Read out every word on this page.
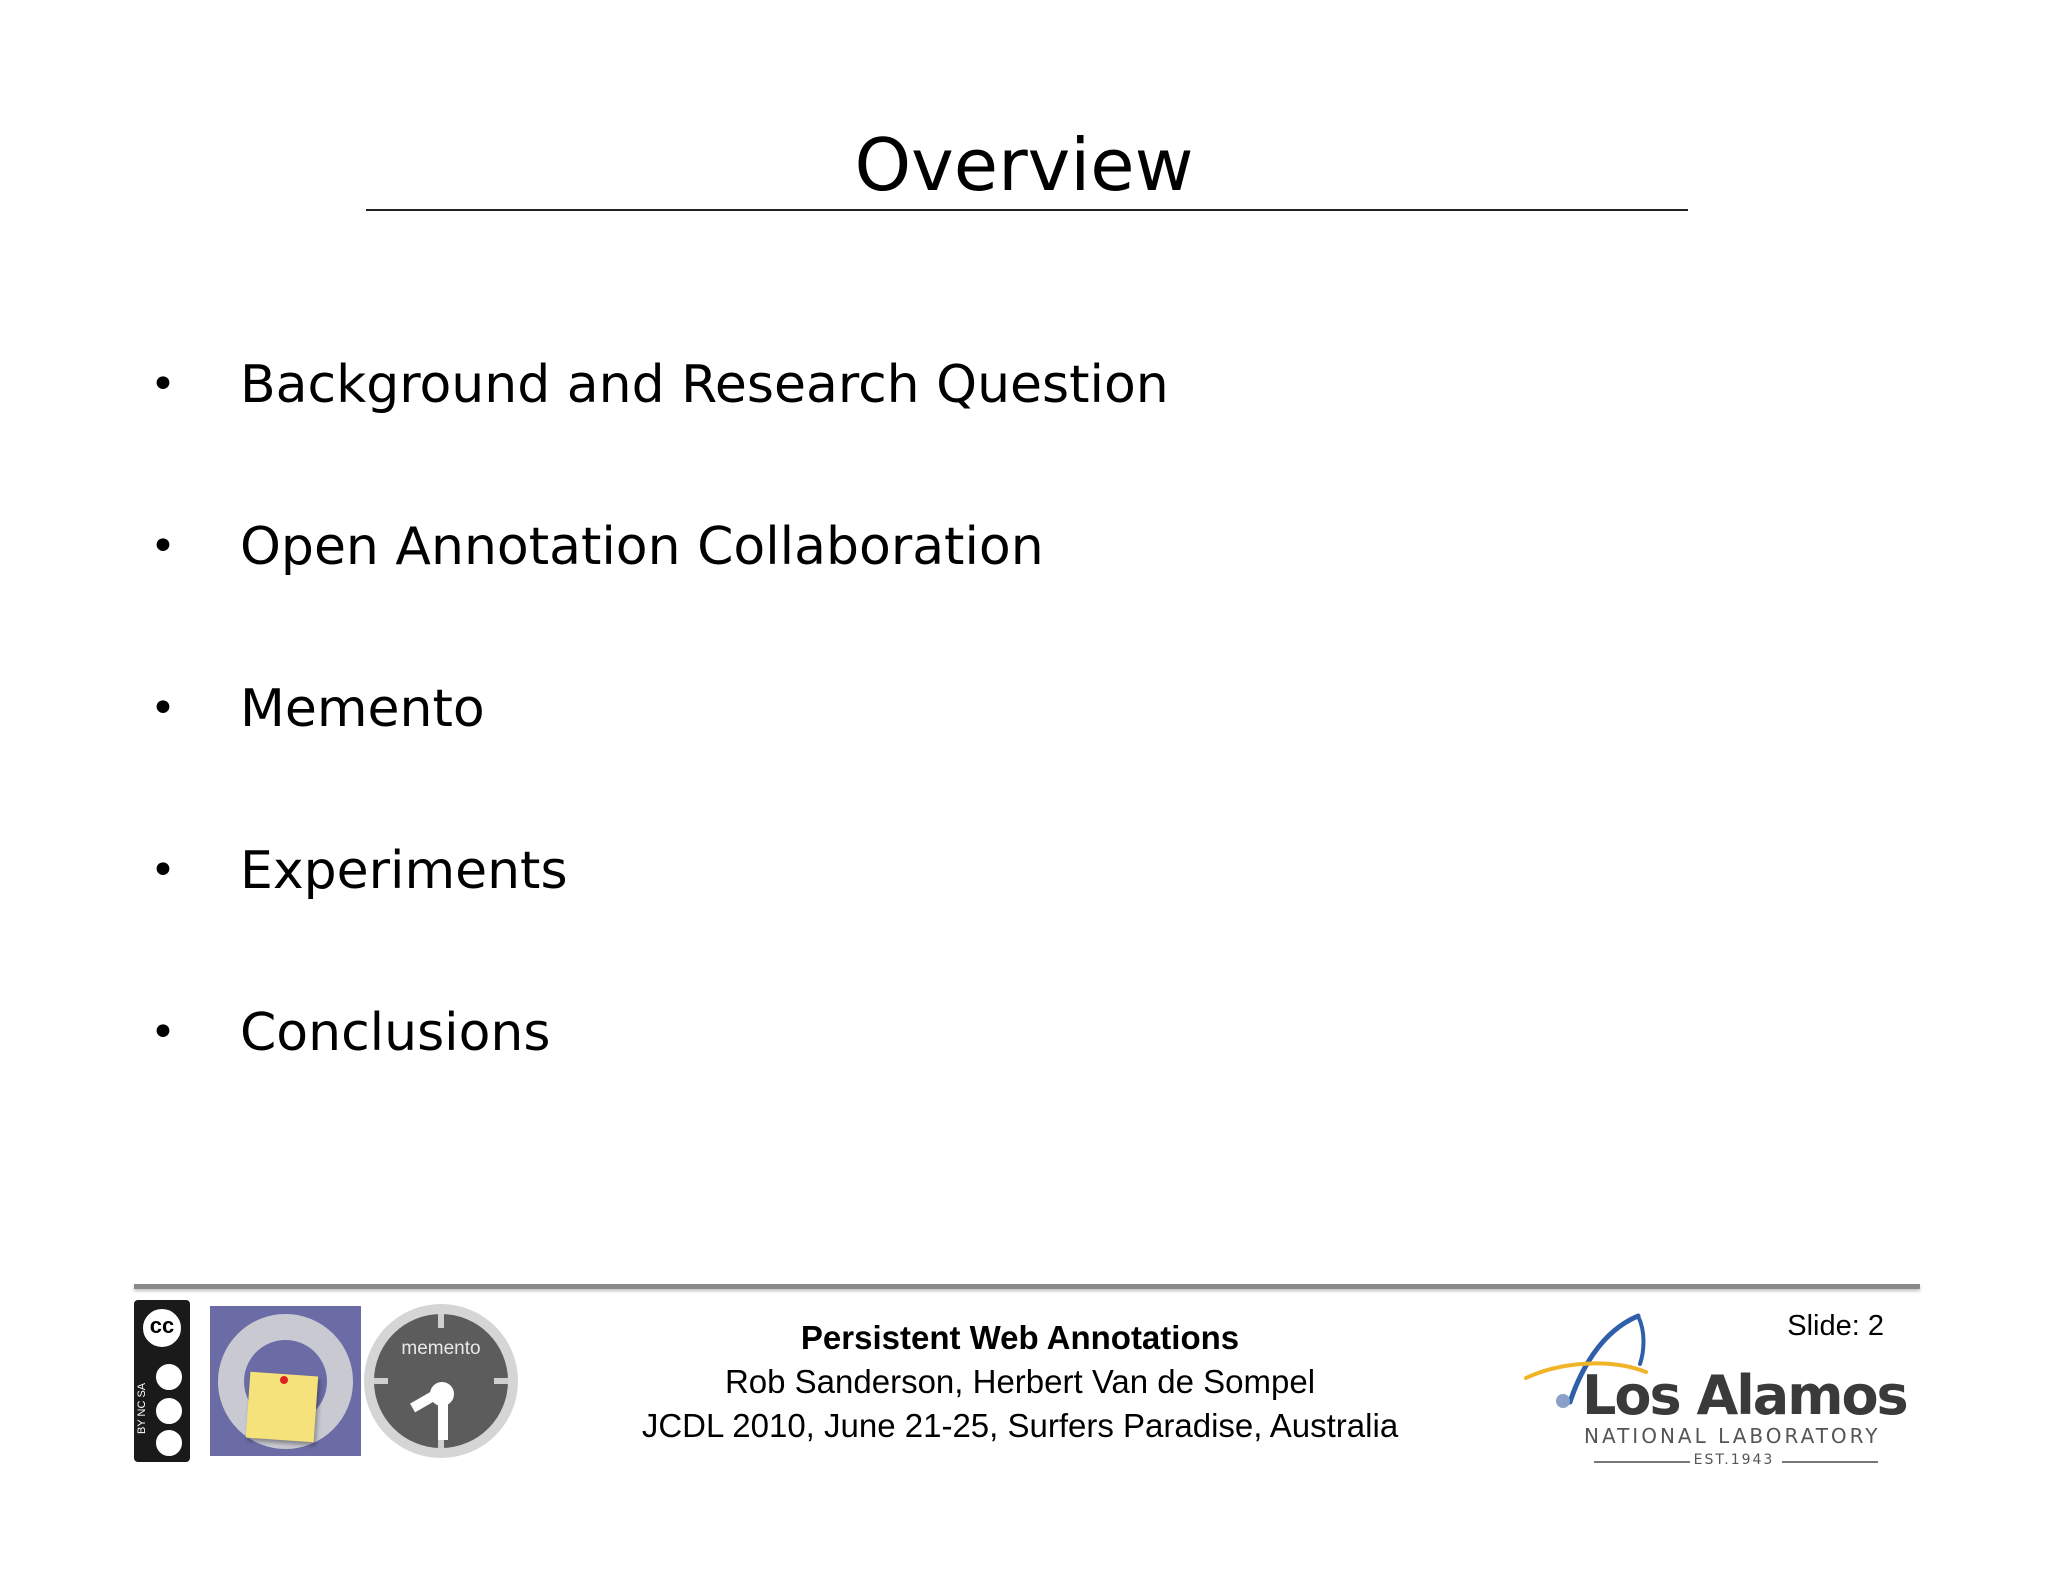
Overview
• Background and Research Question
• Open Annotation Collaboration
• Memento
• Experiments
• Conclusions
cc
BY NC SA
memento	Persistent Web Annotations
Rob Sanderson, Herbert Van de Sompel
JCDL 2010, June 21-25, Surfers Paradise, Australia	Los Alamos
NATIONAL LABORATORY
EST.1943
Slide: 2
